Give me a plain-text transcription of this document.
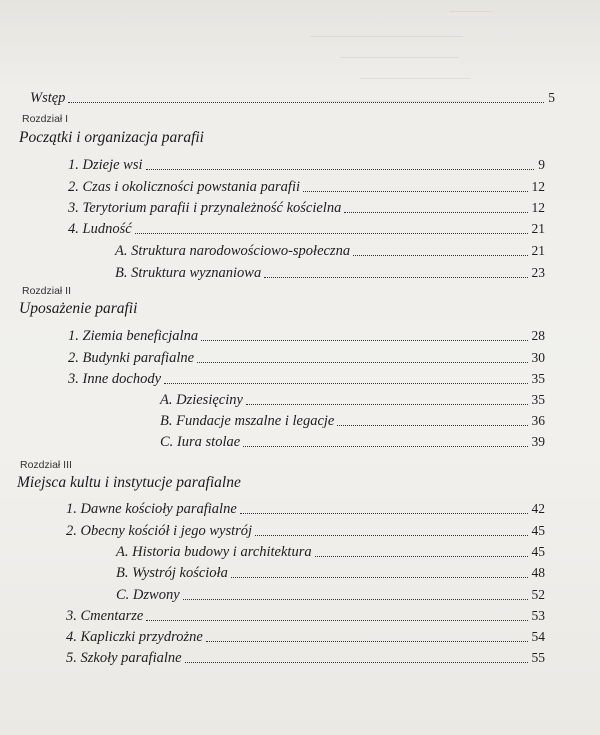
─────
──────────────────
──────────────
─────────────
───────────────────
Wstęp	5
Rozdział I
Początki i organizacja parafii
1. Dzieje wsi	9
2. Czas i okoliczności powstania parafii	12
3. Terytorium parafii i przynależność kościelna	12
4. Ludność	21
A. Struktura narodowościowo-społeczna	21
B. Struktura wyznaniowa	23
Rozdział II
Uposażenie parafii
1. Ziemia beneficjalna	28
2. Budynki parafialne	30
3. Inne dochody	35
A. Dziesięciny	35
B. Fundacje mszalne i legacje	36
C. Iura stolae	39
Rozdział III
Miejsca kultu i instytucje parafialne
1. Dawne kościoły parafialne	42
2. Obecny kościół i jego wystrój	45
A. Historia budowy i architektura	45
B. Wystrój kościoła	48
C. Dzwony	52
3. Cmentarze	53
4. Kapliczki przydrożne	54
5. Szkoły parafialne	55
